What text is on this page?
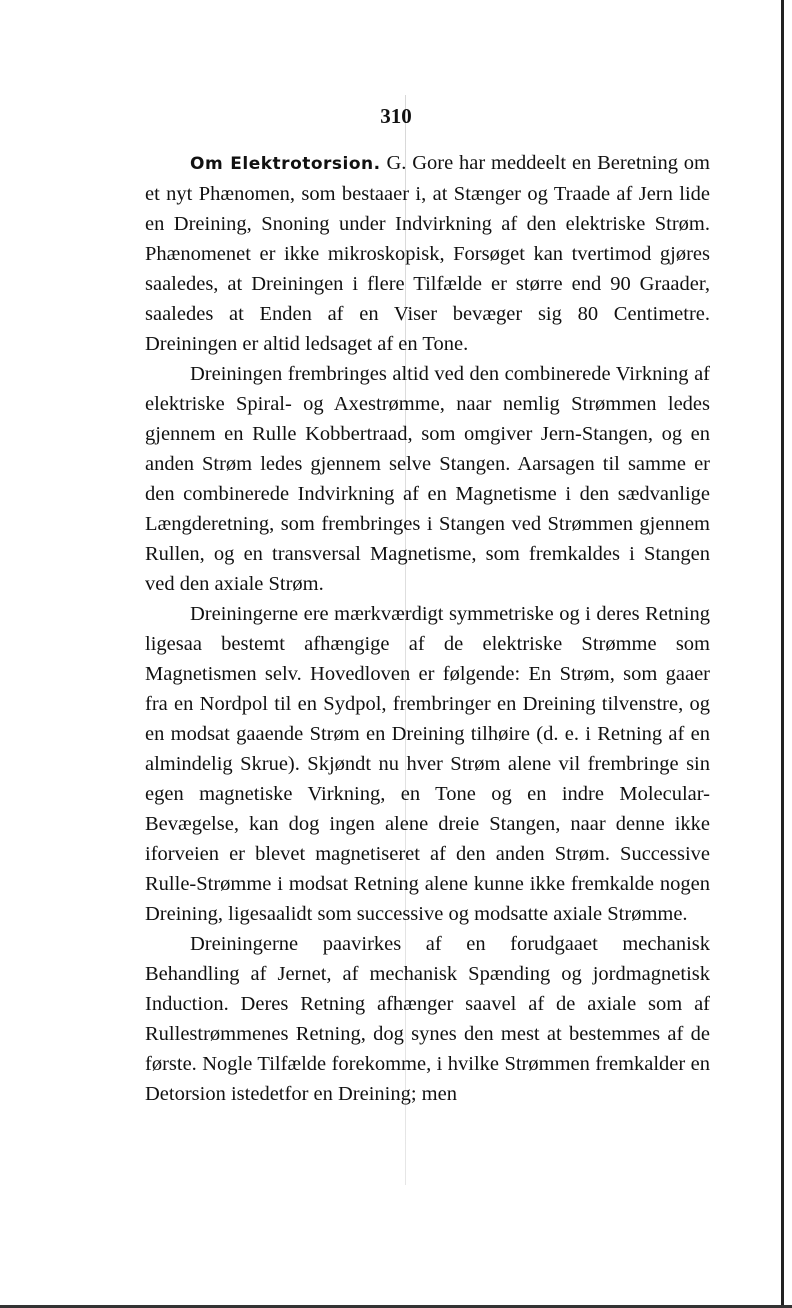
310

Om Elektrotorsion. G. Gore har meddeelt en Beretning om et nyt Phænomen, som bestaaer i, at Stænger og Traade af Jern lide en Dreining, Snoning under Indvirkning af den elektriske Strøm. Phænomenet er ikke mikroskopisk, Forsøget kan tvertimod gjøres saaledes, at Dreiningen i flere Tilfælde er større end 90 Graader, saaledes at Enden af en Viser bevæger sig 80 Centimetre. Dreiningen er altid ledsaget af en Tone.

Dreiningen frembringes altid ved den combinerede Virkning af elektriske Spiral- og Axestrømme, naar nemlig Strømmen ledes gjennem en Rulle Kobbertraad, som omgiver Jern-Stangen, og en anden Strøm ledes gjennem selve Stangen. Aarsagen til samme er den combinerede Indvirkning af en Magnetisme i den sædvanlige Længderetning, som frembringes i Stangen ved Strømmen gjennem Rullen, og en transversal Magnetisme, som fremkaldes i Stangen ved den axiale Strøm.

Dreiningerne ere mærkværdigt symmetriske og i deres Retning ligesaa bestemt afhængige af de elektriske Strømme som Magnetismen selv. Hovedloven er følgende: En Strøm, som gaaer fra en Nordpol til en Sydpol, frembringer en Dreining tilvenstre, og en modsat gaaende Strøm en Dreining tilhøire (d. e. i Retning af en almindelig Skrue). Skjøndt nu hver Strøm alene vil frembringe sin egen magnetiske Virkning, en Tone og en indre Molecular-Bevægelse, kan dog ingen alene dreie Stangen, naar denne ikke iforveien er blevet magnetiseret af den anden Strøm. Successive Rulle-Strømme i modsat Retning alene kunne ikke fremkalde nogen Dreining, ligesaalidt som successive og modsatte axiale Strømme.

Dreiningerne paavirkes af en forudgaaet mechanisk Behandling af Jernet, af mechanisk Spænding og jordmagnetisk Induction. Deres Retning afhænger saavel af de axiale som af Rullestrømmenes Retning, dog synes den mest at bestemmes af de første. Nogle Tilfælde forekomme, i hvilke Strømmen fremkalder en Detorsion istedetfor en Dreining; men
